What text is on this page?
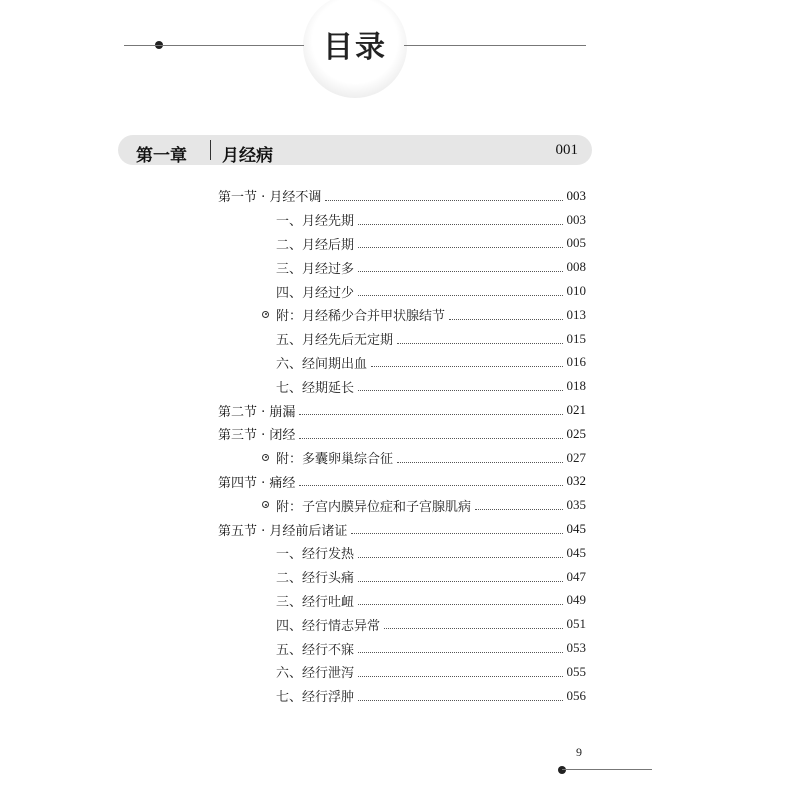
目录
第一章 月经病	001
第一节 · 月经不调	003
一、月经先期	003
二、月经后期	005
三、月经过多	008
四、月经过少	010
附：月经稀少合并甲状腺结节	013
五、月经先后无定期	015
六、经间期出血	016
七、经期延长	018
第二节 · 崩漏	021
第三节 · 闭经	025
附：多囊卵巢综合征	027
第四节 · 痛经	032
附：子宫内膜异位症和子宫腺肌病	035
第五节 · 月经前后诸证	045
一、经行发热	045
二、经行头痛	047
三、经行吐衄	049
四、经行情志异常	051
五、经行不寐	053
六、经行泄泻	055
七、经行浮肿	056
9
